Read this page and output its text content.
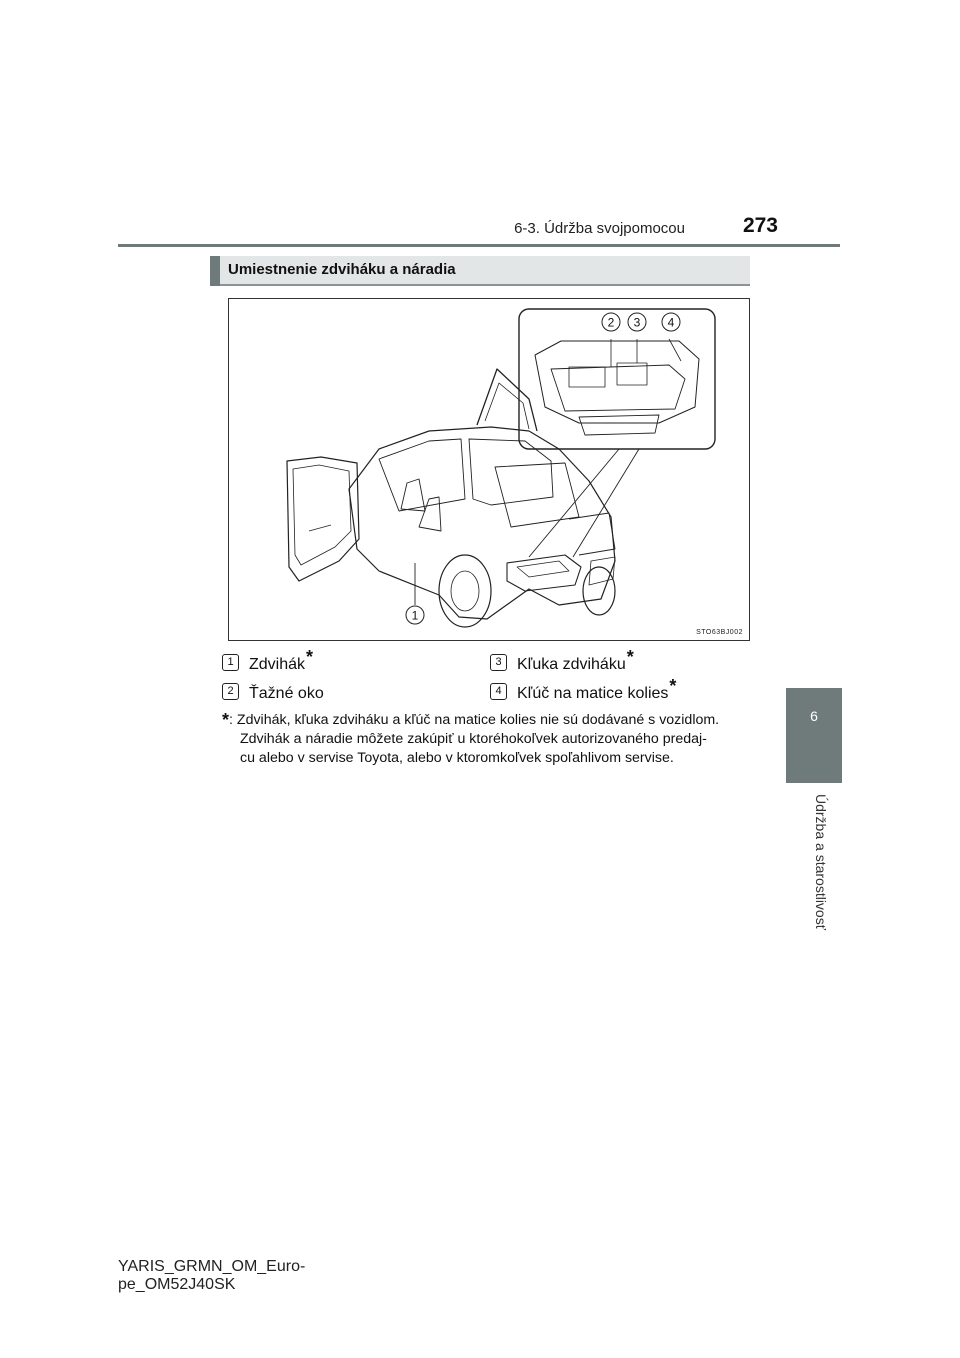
6-3. Údržba svojpomocou	273
6
Údržba a starostlivosť
Umiestnenie zdviháku a náradia
1
2 3 4
STO63BJ002
1 Zdvihák*	3 Kľuka zdviháku*
2 Ťažné oko	4 Kľúč na matice kolies*
*: Zdvihák, kľuka zdviháku a kľúč na matice kolies nie sú dodávané s vozidlom.
Zdvihák a náradie môžete zakúpiť u ktoréhokoľvek autorizovaného predaj-
cu alebo v servise Toyota, alebo v ktoromkoľvek spoľahlivom servise.
YARIS_GRMN_OM_Euro-
pe_OM52J40SK
